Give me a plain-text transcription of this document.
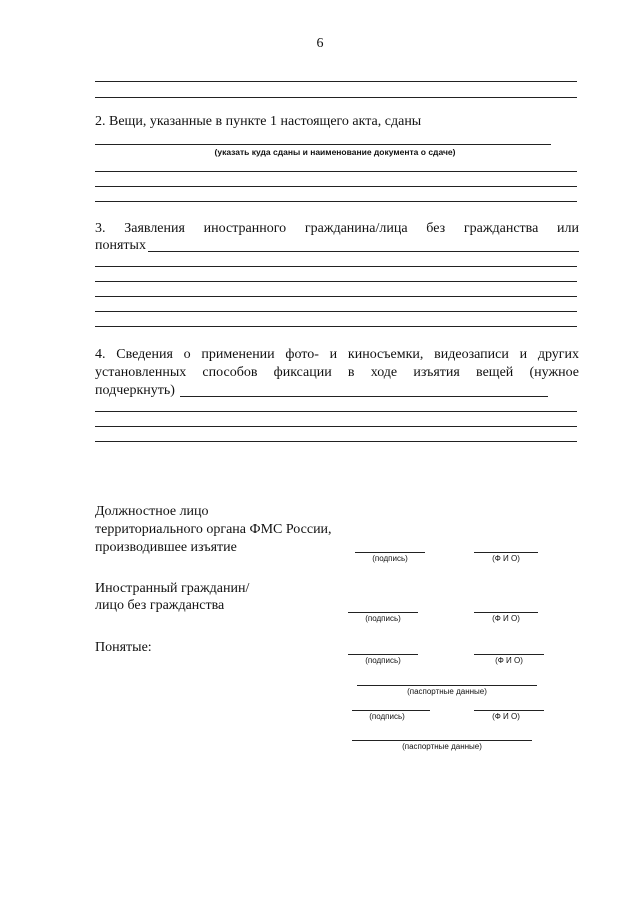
6
2. Вещи, указанные в пункте 1 настоящего акта, сданы
(указать куда сданы и наименование документа о сдаче)
3. Заявления иностранного гражданина/лица без гражданства или
понятых
4. Сведения о применении фото- и киносъемки, видеозаписи и других
установленных способов фиксации в ходе изъятия вещей (нужное
подчеркнуть)
Должностное лицо
территориального органа ФМС России,
производившее изъятие
(подпись)	(Ф И О)
Иностранный гражданин/
лицо без гражданства
(подпись)	(Ф И О)
Понятые:
(подпись)	(Ф И О)
(паспортные данные)
(подпись)	(Ф И О)
(паспортные данные)
